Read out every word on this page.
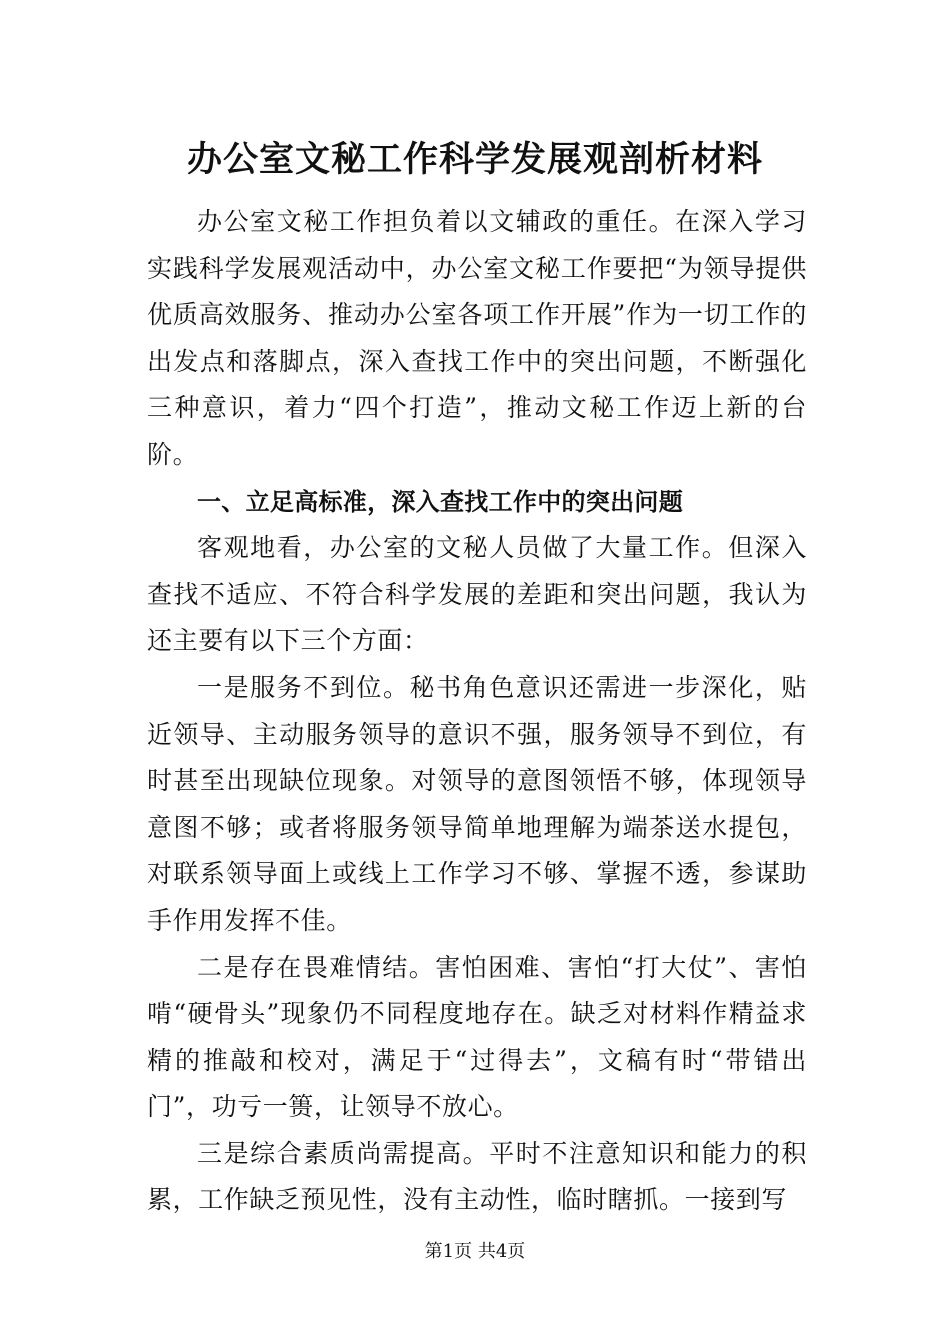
办公室文秘工作科学发展观剖析材料

办公室文秘工作担负着以文辅政的重任。在深入学习实践科学发展观活动中，办公室文秘工作要把“为领导提供优质高效服务、推动办公室各项工作开展”作为一切工作的出发点和落脚点，深入查找工作中的突出问题，不断强化三种意识，着力“四个打造”，推动文秘工作迈上新的台阶。

一、立足高标准，深入查找工作中的突出问题

客观地看，办公室的文秘人员做了大量工作。但深入查找不适应、不符合科学发展的差距和突出问题，我认为还主要有以下三个方面：

一是服务不到位。秘书角色意识还需进一步深化，贴近领导、主动服务领导的意识不强，服务领导不到位，有时甚至出现缺位现象。对领导的意图领悟不够，体现领导意图不够；或者将服务领导简单地理解为端茶送水提包，对联系领导面上或线上工作学习不够、掌握不透，参谋助手作用发挥不佳。

二是存在畏难情结。害怕困难、害怕“打大仗”、害怕啃“硬骨头”现象仍不同程度地存在。缺乏对材料作精益求精的推敲和校对，满足于“过得去”，文稿有时“带错出门”，功亏一篑，让领导不放心。

三是综合素质尚需提高。平时不注意知识和能力的积累，工作缺乏预见性，没有主动性，临时瞎抓。一接到写

第1页 共4页
